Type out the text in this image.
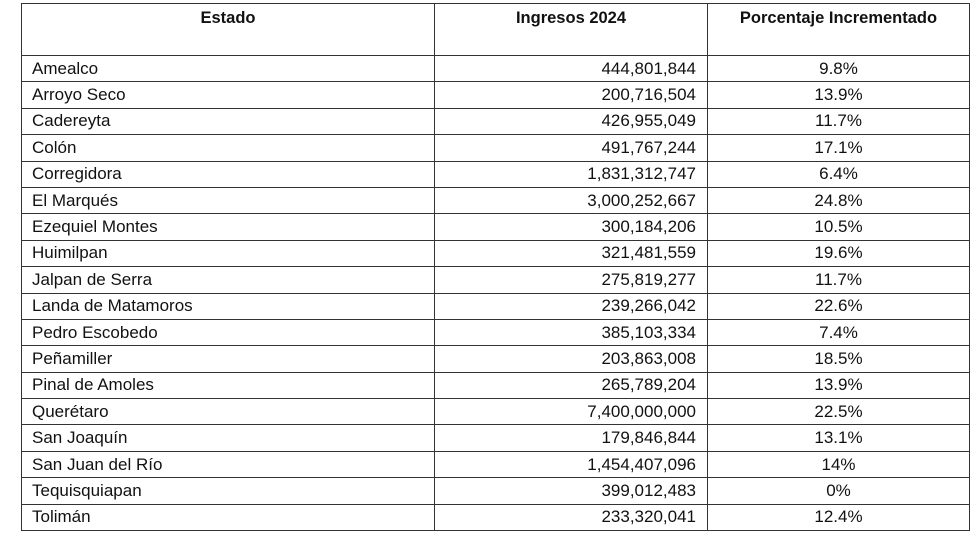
Estado	Ingresos 2024	Porcentaje Incrementado
Amealco	444,801,844	9.8%
Arroyo Seco	200,716,504	13.9%
Cadereyta	426,955,049	11.7%
Colón	491,767,244	17.1%
Corregidora	1,831,312,747	6.4%
El Marqués	3,000,252,667	24.8%
Ezequiel Montes	300,184,206	10.5%
Huimilpan	321,481,559	19.6%
Jalpan de Serra	275,819,277	11.7%
Landa de Matamoros	239,266,042	22.6%
Pedro Escobedo	385,103,334	7.4%
Peñamiller	203,863,008	18.5%
Pinal de Amoles	265,789,204	13.9%
Querétaro	7,400,000,000	22.5%
San Joaquín	179,846,844	13.1%
San Juan del Río	1,454,407,096	14%
Tequisquiapan	399,012,483	0%
Tolimán	233,320,041	12.4%
